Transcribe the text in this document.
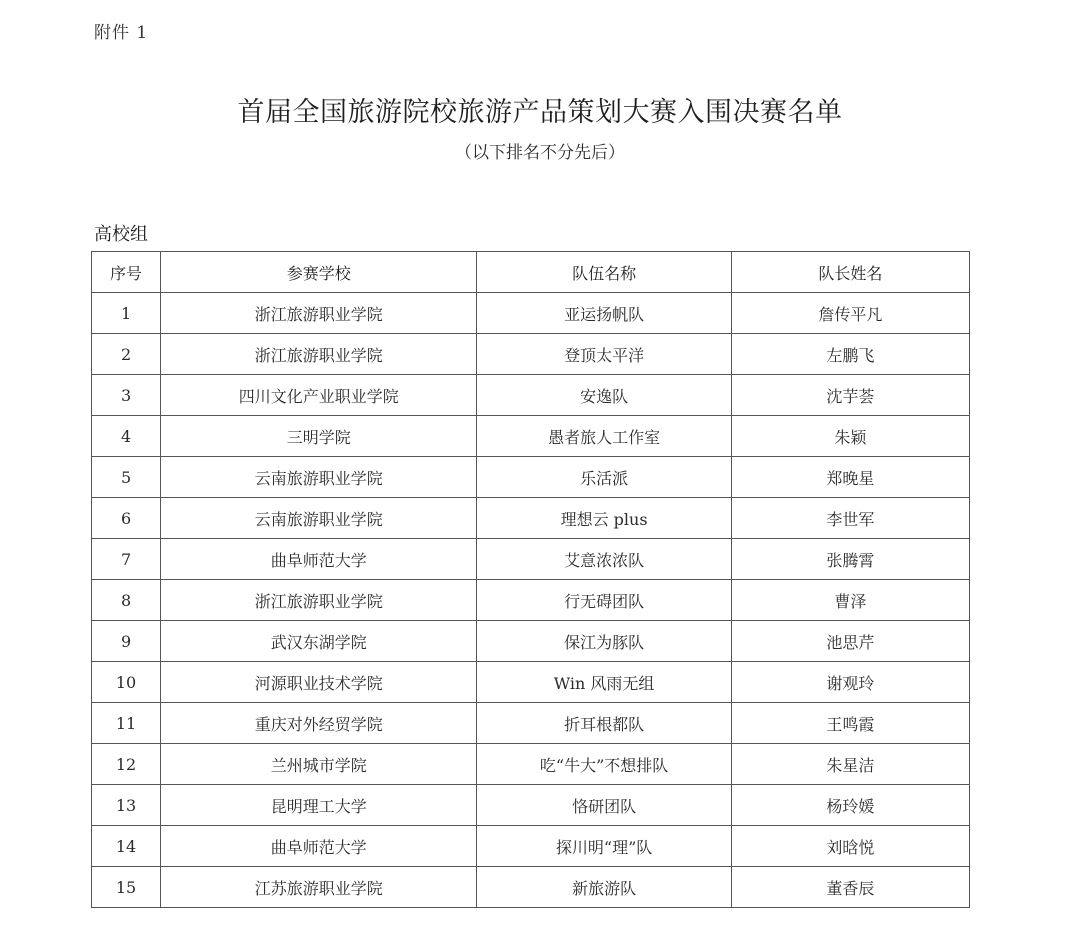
附件 1
首届全国旅游院校旅游产品策划大赛入围决赛名单
（以下排名不分先后）
高校组
序号	参赛学校	队伍名称	队长姓名
1	浙江旅游职业学院	亚运扬帆队	詹传平凡
2	浙江旅游职业学院	登顶太平洋	左鹏飞
3	四川文化产业职业学院	安逸队	沈芋荟
4	三明学院	愚者旅人工作室	朱颖
5	云南旅游职业学院	乐活派	郑晚星
6	云南旅游职业学院	理想云 plus	李世军
7	曲阜师范大学	艾意浓浓队	张腾霄
8	浙江旅游职业学院	行无碍团队	曹泽
9	武汉东湖学院	保江为豚队	池思芹
10	河源职业技术学院	Win 风雨无组	谢观玲
11	重庆对外经贸学院	折耳根都队	王鸣霞
12	兰州城市学院	吃“牛大”不想排队	朱星洁
13	昆明理工大学	恪研团队	杨玲媛
14	曲阜师范大学	探川明“理”队	刘晗悦
15	江苏旅游职业学院	新旅游队	董香辰
